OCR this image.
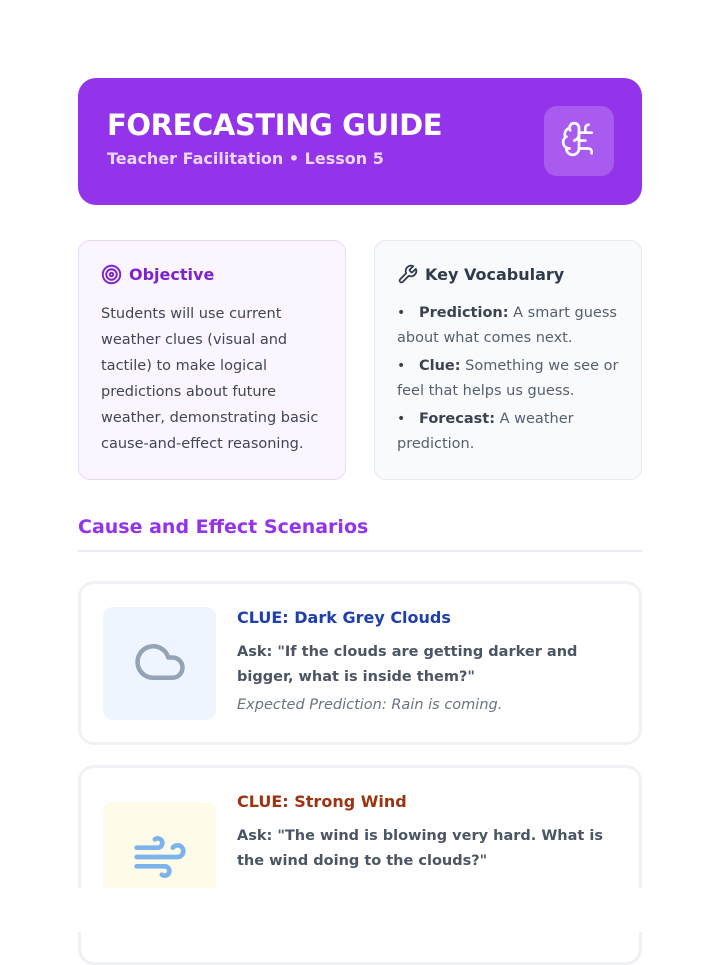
FORECASTING GUIDE
Teacher Facilitation • Lesson 5
Objective

Students will use current weather clues (visual and tactile) to make logical predictions about future weather, demonstrating basic cause-and-effect reasoning.

Key Vocabulary
• Prediction: A smart guess about what comes next.
• Clue: Something we see or feel that helps us guess.
• Forecast: A weather prediction.
Cause and Effect Scenarios
CLUE: Dark Grey Clouds

Ask: "If the clouds are getting darker and bigger, what is inside them?"

Expected Prediction: Rain is coming.
CLUE: Strong Wind

Ask: "The wind is blowing very hard. What is the wind doing to the clouds?"
